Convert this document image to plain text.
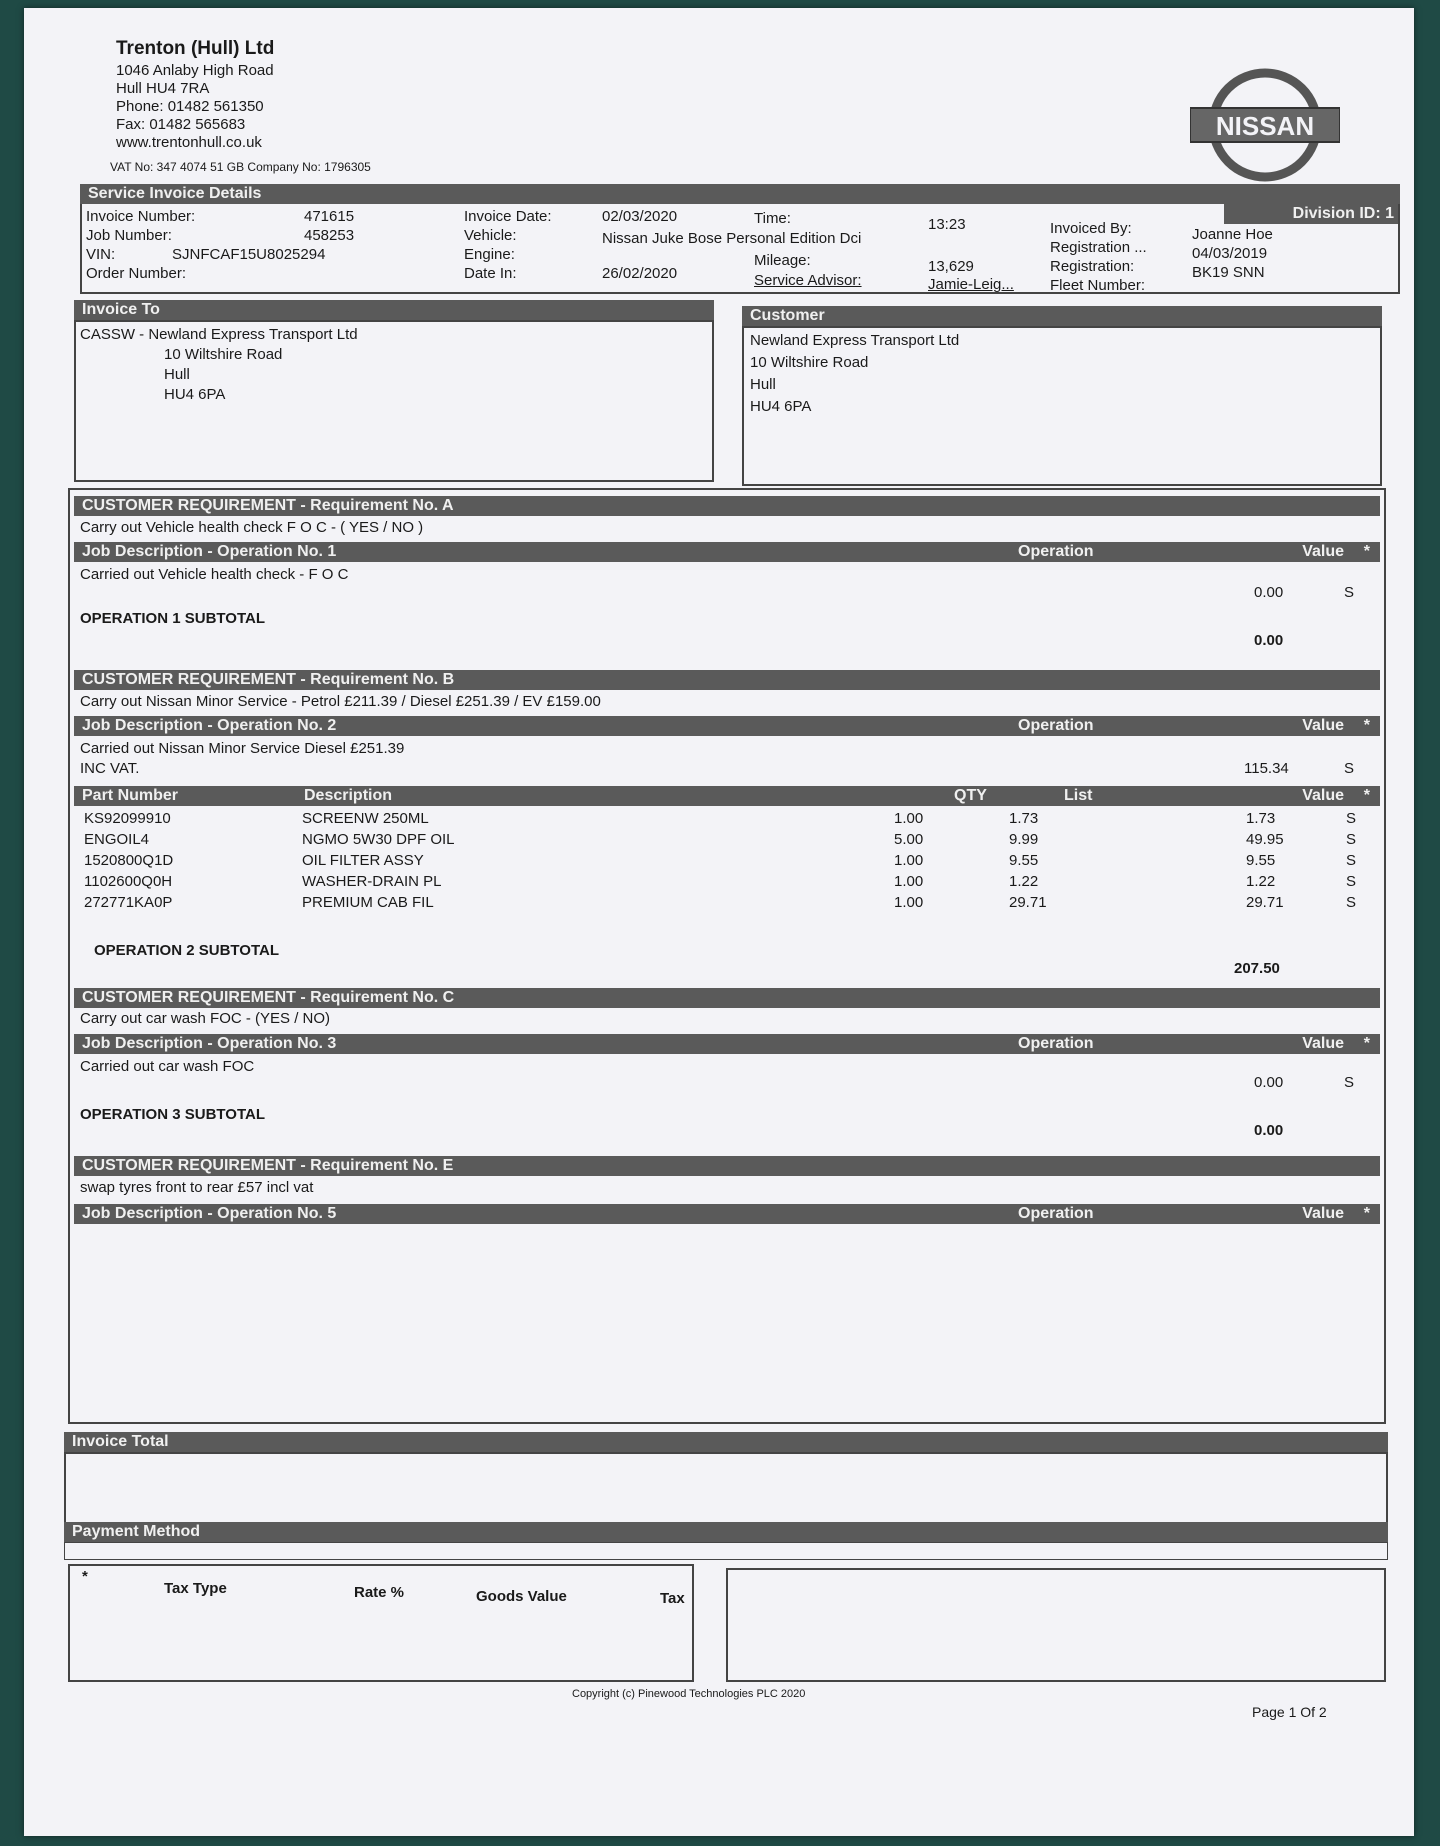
Trenton (Hull) Ltd
1046 Anlaby High Road
Hull HU4 7RA
Phone: 01482 561350
Fax: 01482 565683
www.trentonhull.co.uk
VAT No: 347 4074 51 GB Company No: 1796305
NISSAN
Service Invoice Details
Division ID: 1
Invoice Number:	471615
Job Number:	458253
VIN:	SJNFCAF15U8025294
Order Number:
Invoice Date:	02/03/2020
Vehicle:	Nissan Juke Bose Personal Edition Dci
Engine:
Date In:	26/02/2020
Time:	13:23
Mileage:	13,629
Service Advisor:	Jamie-Leig...
Invoiced By:	Joanne Hoe
Registration ...	04/03/2019
Registration:	BK19 SNN
Fleet Number:
Invoice To
CASSW - Newland Express Transport Ltd
10 Wiltshire Road
Hull
HU4 6PA
Customer
Newland Express Transport Ltd
10 Wiltshire Road
Hull
HU4 6PA
CUSTOMER REQUIREMENT - Requirement No. A
Carry out Vehicle health check F O C - ( YES / NO )
Job Description - Operation No. 1	Operation	Value *
Carried out Vehicle health check - F O C
0.00	S
OPERATION 1 SUBTOTAL
0.00
CUSTOMER REQUIREMENT - Requirement No. B
Carry out Nissan Minor Service - Petrol £211.39 / Diesel £251.39 / EV £159.00
Job Description - Operation No. 2	Operation	Value *
Carried out Nissan Minor Service Diesel £251.39
INC VAT.	115.34	S
Part Number	Description	QTY	List	Value *
KS92099910	SCREENW 250ML	1.00	1.73	1.73	S
ENGOIL4	NGMO 5W30 DPF OIL	5.00	9.99	49.95	S
1520800Q1D	OIL FILTER ASSY	1.00	9.55	9.55	S
1102600Q0H	WASHER-DRAIN PL	1.00	1.22	1.22	S
272771KA0P	PREMIUM CAB FIL	1.00	29.71	29.71	S
OPERATION 2 SUBTOTAL
207.50
CUSTOMER REQUIREMENT - Requirement No. C
Carry out car wash FOC - (YES / NO)
Job Description - Operation No. 3	Operation	Value *
Carried out car wash FOC
0.00	S
OPERATION 3 SUBTOTAL
0.00
CUSTOMER REQUIREMENT - Requirement No. E
swap tyres front to rear £57 incl vat
Job Description - Operation No. 5	Operation	Value *
Invoice Total
Payment Method
*
Tax Type	Rate %	Goods Value	Tax
Copyright (c) Pinewood Technologies PLC 2020
Page 1 Of 2
